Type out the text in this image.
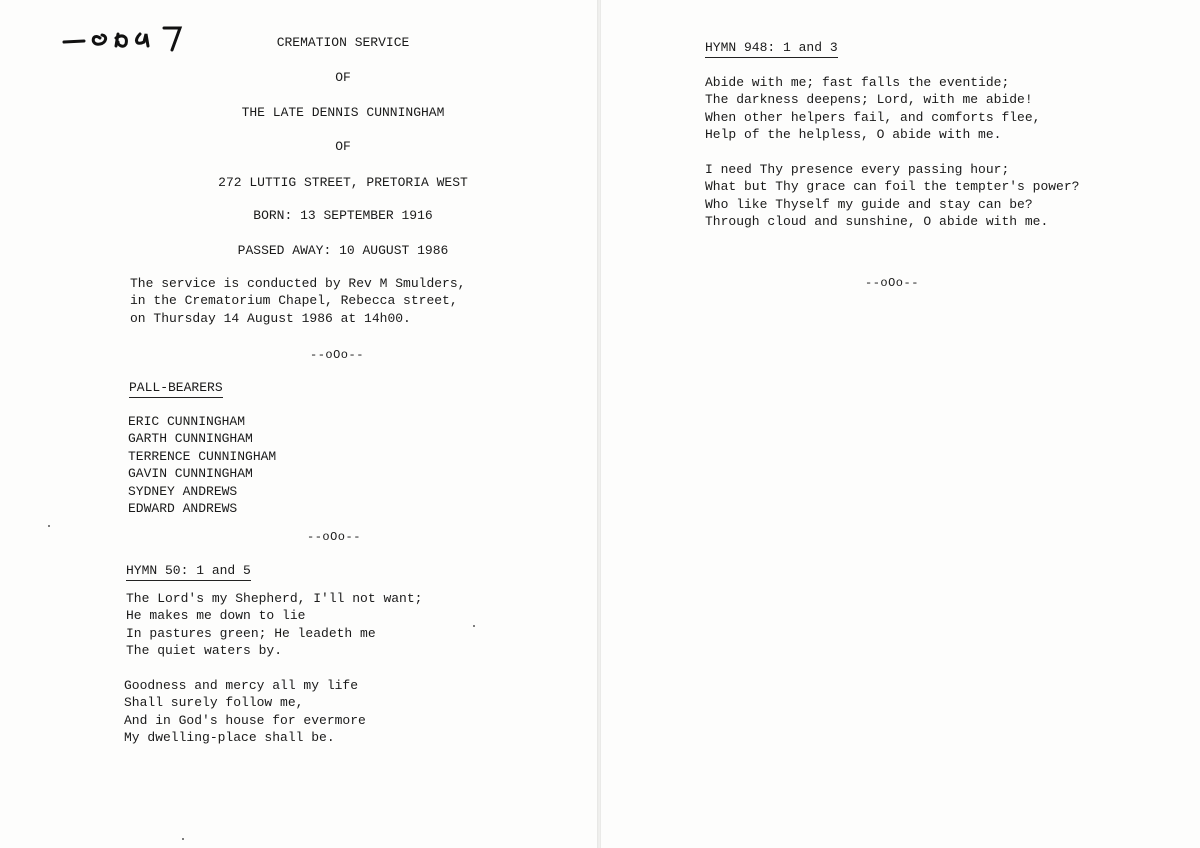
CREMATION SERVICE
OF
THE LATE DENNIS CUNNINGHAM
OF
272 LUTTIG STREET, PRETORIA WEST
BORN: 13 SEPTEMBER 1916
PASSED AWAY: 10 AUGUST 1986
The service is conducted by Rev M Smulders,
in the Crematorium Chapel, Rebecca street,
on Thursday 14 August 1986 at 14h00.
--oOo--
PALL-BEARERS
ERIC CUNNINGHAM
GARTH CUNNINGHAM
TERRENCE CUNNINGHAM
GAVIN CUNNINGHAM
SYDNEY ANDREWS
EDWARD ANDREWS
--oOo--
HYMN 50: 1 and 5
The Lord's my Shepherd, I'll not want;
He makes me down to lie
In pastures green; He leadeth me
The quiet waters by.
Goodness and mercy all my life
Shall surely follow me,
And in God's house for evermore
My dwelling-place shall be.
HYMN 948: 1 and 3
Abide with me; fast falls the eventide;
The darkness deepens; Lord, with me abide!
When other helpers fail, and comforts flee,
Help of the helpless, O abide with me.
I need Thy presence every passing hour;
What but Thy grace can foil the tempter's power?
Who like Thyself my guide and stay can be?
Through cloud and sunshine, O abide with me.
--oOo--
